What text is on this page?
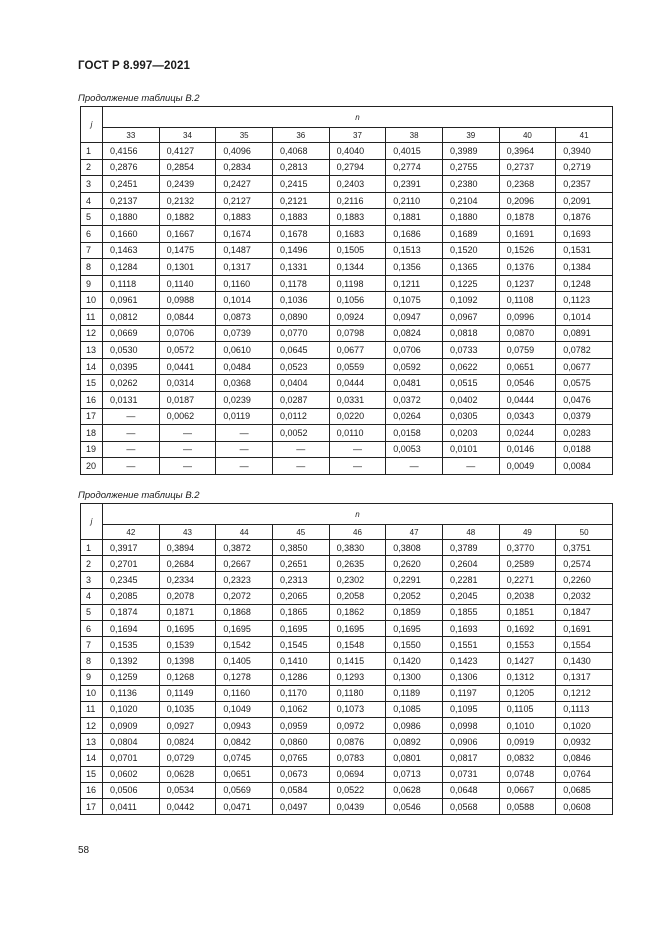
ГОСТ Р 8.997—2021
Продолжение таблицы В.2
j	n								
	33	34	35	36	37	38	39	40	41
1	0,4156	0,4127	0,4096	0,4068	0,4040	0,4015	0,3989	0,3964	0,3940
2	0,2876	0,2854	0,2834	0,2813	0,2794	0,2774	0,2755	0,2737	0,2719
3	0,2451	0,2439	0,2427	0,2415	0,2403	0,2391	0,2380	0,2368	0,2357
4	0,2137	0,2132	0,2127	0,2121	0,2116	0,2110	0,2104	0,2096	0,2091
5	0,1880	0,1882	0,1883	0,1883	0,1883	0,1881	0,1880	0,1878	0,1876
6	0,1660	0,1667	0,1674	0,1678	0,1683	0,1686	0,1689	0,1691	0,1693
7	0,1463	0,1475	0,1487	0,1496	0,1505	0,1513	0,1520	0,1526	0,1531
8	0,1284	0,1301	0,1317	0,1331	0,1344	0,1356	0,1365	0,1376	0,1384
9	0,1118	0,1140	0,1160	0,1178	0,1198	0,1211	0,1225	0,1237	0,1248
10	0,0961	0,0988	0,1014	0,1036	0,1056	0,1075	0,1092	0,1108	0,1123
11	0,0812	0,0844	0,0873	0,0890	0,0924	0,0947	0,0967	0,0996	0,1014
12	0,0669	0,0706	0,0739	0,0770	0,0798	0,0824	0,0818	0,0870	0,0891
13	0,0530	0,0572	0,0610	0,0645	0,0677	0,0706	0,0733	0,0759	0,0782
14	0,0395	0,0441	0,0484	0,0523	0,0559	0,0592	0,0622	0,0651	0,0677
15	0,0262	0,0314	0,0368	0,0404	0,0444	0,0481	0,0515	0,0546	0,0575
16	0,0131	0,0187	0,0239	0,0287	0,0331	0,0372	0,0402	0,0444	0,0476
17	—	0,0062	0,0119	0,0112	0,0220	0,0264	0,0305	0,0343	0,0379
18	—	—	—	0,0052	0,0110	0,0158	0,0203	0,0244	0,0283
19	—	—	—	—	—	0,0053	0,0101	0,0146	0,0188
20	—	—	—	—	—	—	—	0,0049	0,0084
Продолжение таблицы В.2
j	n								
	42	43	44	45	46	47	48	49	50
1	0,3917	0,3894	0,3872	0,3850	0,3830	0,3808	0,3789	0,3770	0,3751
2	0,2701	0,2684	0,2667	0,2651	0,2635	0,2620	0,2604	0,2589	0,2574
3	0,2345	0,2334	0,2323	0,2313	0,2302	0,2291	0,2281	0,2271	0,2260
4	0,2085	0,2078	0,2072	0,2065	0,2058	0,2052	0,2045	0,2038	0,2032
5	0,1874	0,1871	0,1868	0,1865	0,1862	0,1859	0,1855	0,1851	0,1847
6	0,1694	0,1695	0,1695	0,1695	0,1695	0,1695	0,1693	0,1692	0,1691
7	0,1535	0,1539	0,1542	0,1545	0,1548	0,1550	0,1551	0,1553	0,1554
8	0,1392	0,1398	0,1405	0,1410	0,1415	0,1420	0,1423	0,1427	0,1430
9	0,1259	0,1268	0,1278	0,1286	0,1293	0,1300	0,1306	0,1312	0,1317
10	0,1136	0,1149	0,1160	0,1170	0,1180	0,1189	0,1197	0,1205	0,1212
11	0,1020	0,1035	0,1049	0,1062	0,1073	0,1085	0,1095	0,1105	0,1113
12	0,0909	0,0927	0,0943	0,0959	0,0972	0,0986	0,0998	0,1010	0,1020
13	0,0804	0,0824	0,0842	0,0860	0,0876	0,0892	0,0906	0,0919	0,0932
14	0,0701	0,0729	0,0745	0,0765	0,0783	0,0801	0,0817	0,0832	0,0846
15	0,0602	0,0628	0,0651	0,0673	0,0694	0,0713	0,0731	0,0748	0,0764
16	0,0506	0,0534	0,0569	0,0584	0,0522	0,0628	0,0648	0,0667	0,0685
17	0,0411	0,0442	0,0471	0,0497	0,0439	0,0546	0,0568	0,0588	0,0608
58
